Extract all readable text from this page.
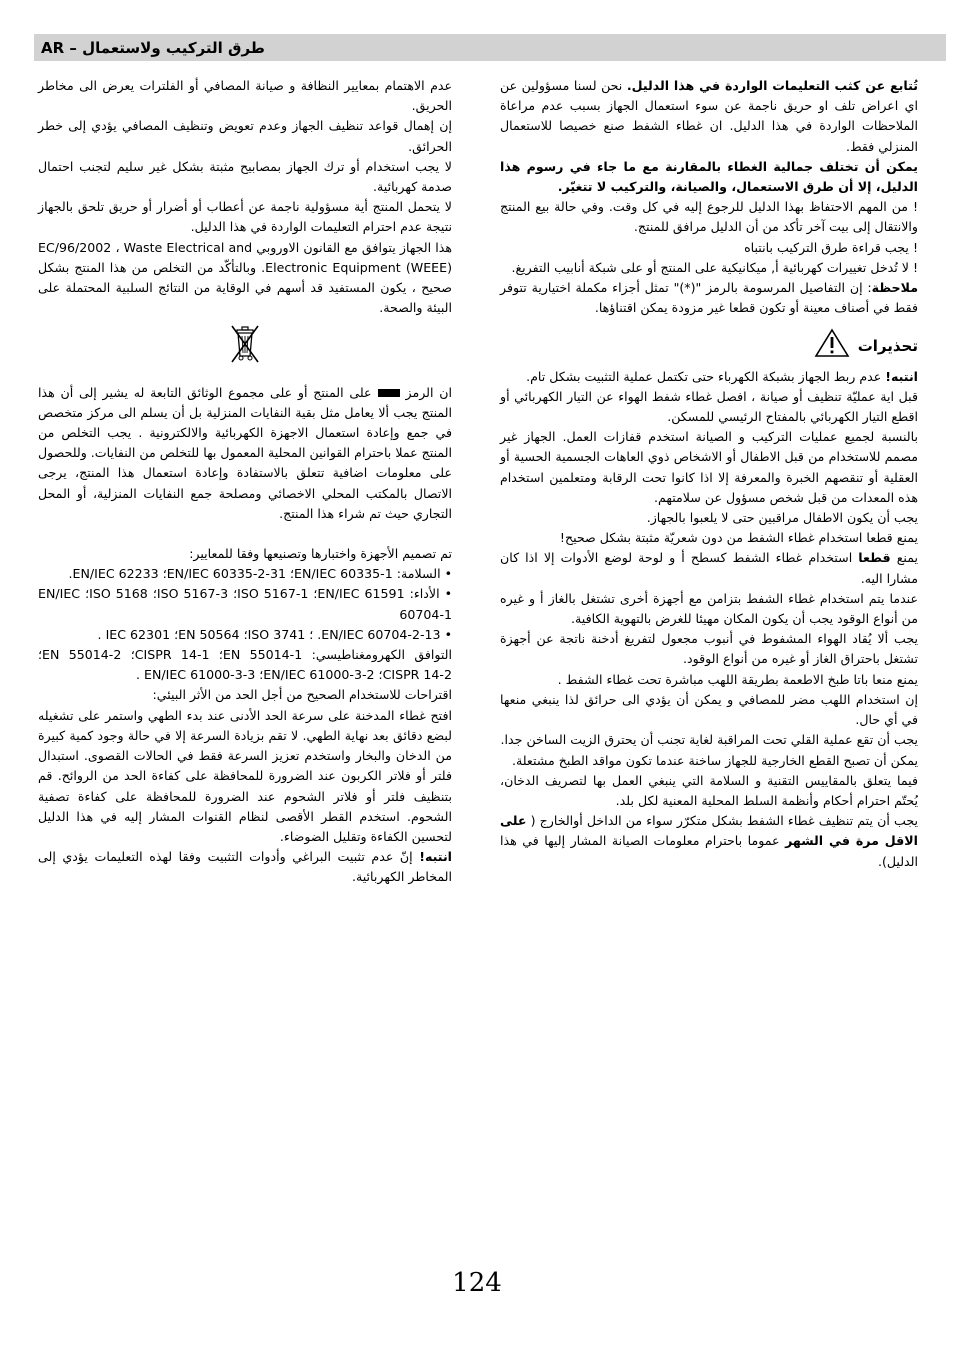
AR – طرق التركيب ولاستعمال

تُتابع عن كثب التعليمات الواردة في هذا الدليل. نحن لسنا مسؤولين عن اي اعراض تلف او حريق ناجمة عن سوء استعمال الجهاز بسبب عدم مراعاة الملاحظات الواردة في هذا الدليل. ان غطاء الشفط صنع خصيصا للاستعمال المنزلي فقط.

يمكن أن تختلف جمالية الغطاء بالمقارنة مع ما جاء في رسوم هذا الدليل، إلا أن طرق الاستعمال، والصيانة، والتركيب لا تتغيّر.

! من المهم الاحتفاظ بهذا الدليل للرجوع إليه في كل وقت. وفي حالة بيع المنتج والانتقال إلى بيت آخر تأكد من أن الدليل مرافق للمنتج.

! يجب قراءة طرق التركيب بانتباه

! لا تُدخل تغييرات كهربائية أ, ميكانيكية على المنتج أو على شبكة أنابيب التفريغ.

ملاحظة: إن التفاصيل المرسومة بالرمز "(*)" تمثل أجزاء مكملة اختيارية تتوفر فقط في أصناف معينة أو تكون قطعا غير مزودة يمكن اقتناؤها.

تحذيرات

انتبه! عدم ربط الجهاز بشبكة الكهرباء حتى تكتمل عملية التثبيت بشكل تام.

قبل اية عمليّة تنظيف أو صيانة ، افصل غطاء شفط الهواء عن التيار الكهربائي أو اقطع التيار الكهربائي بالمفتاح الرئيسي للمسكن.

بالنسبة لجميع عمليات التركيب و الصيانة استخدم قفازات العمل. الجهاز غير مصمم للاستخدام من قبل الاطفال أو الاشخاص ذوي العاهات الجسمية الحسية أو العقلية أو تنقصهم الخبرة والمعرفة إلا اذا كانوا تحت الرقابة ومتعلمين استخدام هذه المعدات من قبل شخص مسؤول عن سلامتهم.

يجب أن يكون الاطفال مراقبين حتى لا يلعبوا بالجهاز.

يمنع قطعا استخدام غطاء الشفط من دون شعريّة مثبتة بشكل صحيح!

يمنع قطعا استخدام غطاء الشفط كسطح أ و لوحة لوضع الأدوات إلا اذا كان مشارا اليه.

عندما يتم استخدام غطاء الشفط بتزامن مع أجهزة أخرى تشتغل بالغاز أ و غيره من أنواع الوقود يجب أن يكون المكان مهيئا للغرض بالتهوية الكافية.

يجب ألا يُقاد الهواء المشفوط في أنبوب مجعول لتفريغ أدخنة ناتجة عن أجهزة تشتغل باحتراق الغاز أو غيره من أنواع الوقود.

يمنع منعا باتا طبخ الاطعمة بطريقة اللهب مباشرة تحت غطاء الشفط .

إن استخدام اللهب مضر للمصافي و يمكن أن يؤدي الى حرائق لذا ينبغي منعها في أي حال.

يجب أن تقع عملية القلي تحت المراقبة لغاية تجنب أن يحترق الزيت الساخن جدا.

يمكن أن تصبح القطع الخارجية للجهاز ساخنة عندما تكون مواقد الطبخ مشتعلة.

فيما يتعلق بالمقاييس التقنية و السلامة التي ينبغي العمل بها لتصريف الدخان، يُحتّم احترام أحكام وأنظمة السلط المحلية المعنية لكل بلد.

يجب أن يتم تنظيف غطاء الشفط بشكل متكرّر سواء من الداخل أوالخارج ( على الاقل مرة في الشهر عموما باحترام معلومات الصيانة المشار إليها في هذا الدليل).

عدم الاهتمام بمعايير النظافة و صيانة المصافي أو الفلترات يعرض الى مخاطر الحريق.

إن إهمال قواعد تنظيف الجهاز وعدم تعويض وتنظيف المصافي يؤدي إلى خطر الحرائق.

لا يجب استخدام أو ترك الجهاز بمصابيح مثبتة بشكل غير سليم لتجنب احتمال صدمة كهربائية.

لا يتحمل المنتج أية مسؤولية ناجمة عن أعطاب أو أضرار أو حريق تلحق بالجهاز نتيجة عدم احترام التعليمات الواردة في هذا الدليل.

هذا الجهاز يتوافق مع القانون الاوروبي EC/96/2002 ، Waste Electrical and Electronic Equipment (WEEE). وبالتأكّد من التخلص من هذا المنتج بشكل صحيح ، يكون المستفيد قد أسهم في الوقاية من النتائج السلبية المحتملة على البيئة والصحة.

ان الرمزعلى المنتج أو على مجموع الوثائق التابعة له يشير إلى أن هذا المنتج يجب ألا يعامل مثل بقية النفايات المنزلية بل أن يسلم الى مركز متخصص في جمع وإعادة استعمال الاجهزة الكهربائية والالكترونية . يجب التخلص من المنتج عملا باحترام القوانين المحلية المعمول بها للتخلص من النفايات. وللحصول على معلومات اضافية تتعلق بالاستفادة وإعادة استعمال هذا المنتج، يرجى الاتصال بالمكتب المحلي الاخصائي ومصلحة جمع النفايات المنزلية، أو المحل التجاري حيث تم شراء هذا المنتج.

تم تصميم الأجهزة واختبارها وتصنيعها وفقا للمعايير:

• السلامة: EN/IEC 60335-1؛ EN/IEC 60335-2-31؛ EN/IEC 62233.

• الأداء: EN/IEC 61591؛ ISO 5167-1؛ ISO 5167-3؛ ISO 5168؛ EN/IEC 60704-1

• EN/IEC 60704-2-13. ؛ ISO 3741؛ EN 50564؛ IEC 62301 .

التوافق الكهرومغناطيسي: EN 55014-1؛ CISPR 14-1؛ EN 55014-2؛ CISPR 14-2؛ EN/IEC 61000-3-2؛ EN/IEC 61000-3-3 .

اقتراحات للاستخدام الصحيح من أجل الحد من الأثر البيئي:

افتح غطاء المدخنة على سرعة الحد الأدنى عند بدء الطهي واستمر على تشغيله لبضع دقائق بعد نهاية الطهي. لا تقم بزيادة السرعة إلا في حالة وجود كمية كبيرة من الدخان والبخار واستخدم تعزيز السرعة فقط في الحالات القصوى. استبدال فلتر أو فلاتر الكربون عند الضرورة للمحافظة على كفاءة الحد من الروائح. قم بتنظيف فلتر أو فلاتر الشحوم عند الضرورة للمحافظة على كفاءة تصفية الشحوم. استخدم القطر الأقصى لنظام القنوات المشار إليه في هذا الدليل لتحسين الكفاءة وتقليل الضوضاء.

انتبه! إنّ عدم تثبيت البراغي وأدوات التثبيت وفقا لهذه التعليمات يؤدي إلى المخاطر الكهربائية.

124
